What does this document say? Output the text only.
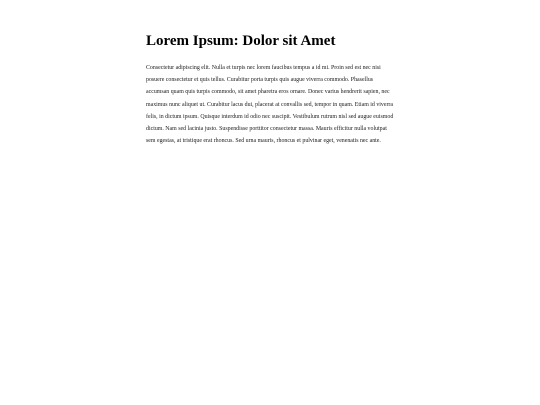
Lorem Ipsum: Dolor sit Amet

Consectetur adipiscing elit. Nulla et turpis nec lorem faucibus tempus a id mi. Proin sed est nec nisi posuere consectetur et quis tellus. Curabitur porta turpis quis augue viverra commodo. Phasellus accumsan quam quis turpis commodo, sit amet pharetra eros ornare. Donec varius hendrerit sapien, nec maximus nunc aliquet ut. Curabitur lacus dui, placerat at convallis sed, tempor in quam. Etiam id viverra felis, in dictum ipsum. Quisque interdum id odio nec suscipit. Vestibulum rutrum nisl sed augue euismod dictum. Nam sed lacinia justo. Suspendisse porttitor consectetur massa. Mauris efficitur nulla volutpat sem egestas, at tristique erat rhoncus. Sed urna mauris, rhoncus et pulvinar eget, venenatis nec ante.
